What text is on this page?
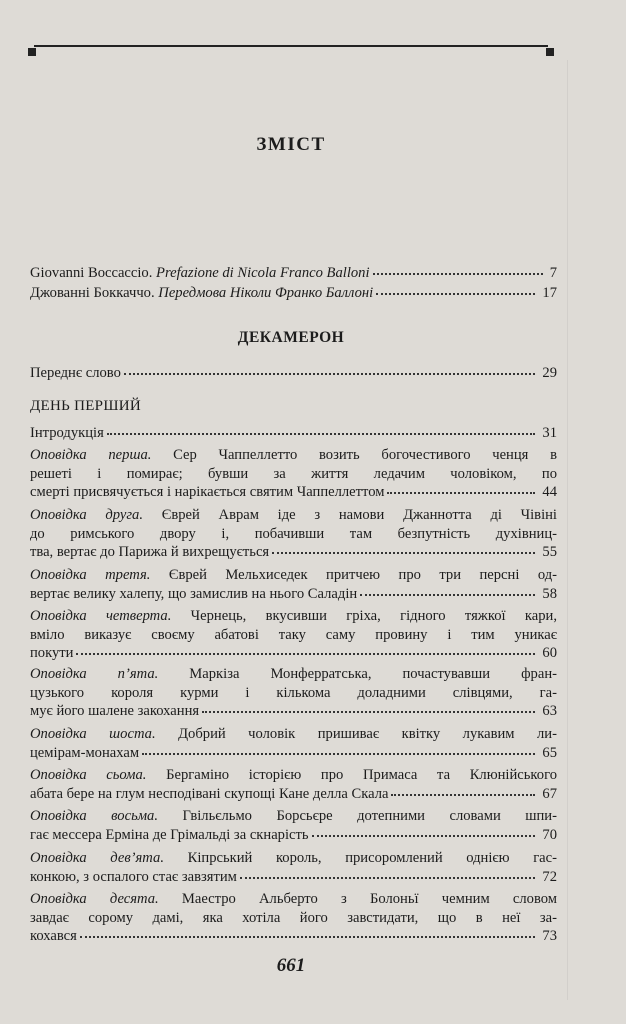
ЗМІСТ
Giovanni Boccaccio.
Prefazione di Nicola Franco Balloni	7
Джованні Боккаччо.
Передмова Ніколи Франко Баллоні	17
ДЕКАМЕРОН
Переднє слово	29
ДЕНЬ ПЕРШИЙ
Інтродукція	31
Оповідка перша. Сер Чаппеллетто возить богочестивого ченця в
решеті і помирає; бувши за життя ледачим чоловіком, по
смерті присвячується і нарікається святим Чаппеллеттом	44
Оповідка друга. Єврей Аврам іде з намови Джаннотта ді Чівіні
до римського двору і, побачивши там безпутність духівниц-
тва, вертає до Парижа й вихрещується	55
Оповідка третя. Єврей Мельхиседек притчею про три персні од-
вертає велику халепу, що замислив на нього Саладін	58
Оповідка четверта. Чернець, вкусивши гріха, гідного тяжкої кари,
вміло виказує своєму абатові таку саму провину і тим уникає
покути	60
Оповідка п’ята. Маркіза Монферратська, почастувавши фран-
цузького короля курми і кількома доладними слівцями, га-
мує його шалене закохання	63
Оповідка шоста. Добрий чоловік пришиває квітку лукавим ли-
цемірам-монахам	65
Оповідка сьома. Бергаміно історією про Примаса та Клюнійського
абата бере на глум несподівані скупощі Кане делла Скала	67
Оповідка восьма. Гвільєльмо Борсьєре дотепними словами шпи-
гає мессера Ерміна де Грімальді за скнарість	70
Оповідка дев’ята. Кіпрський король, присоромлений однією гас-
конкою, з оспалого стає завзятим	72
Оповідка десята. Маестро Альберто з Болоньї чемним словом
завдає сорому дамі, яка хотіла його завстидати, що в неї за-
кохався	73
661
